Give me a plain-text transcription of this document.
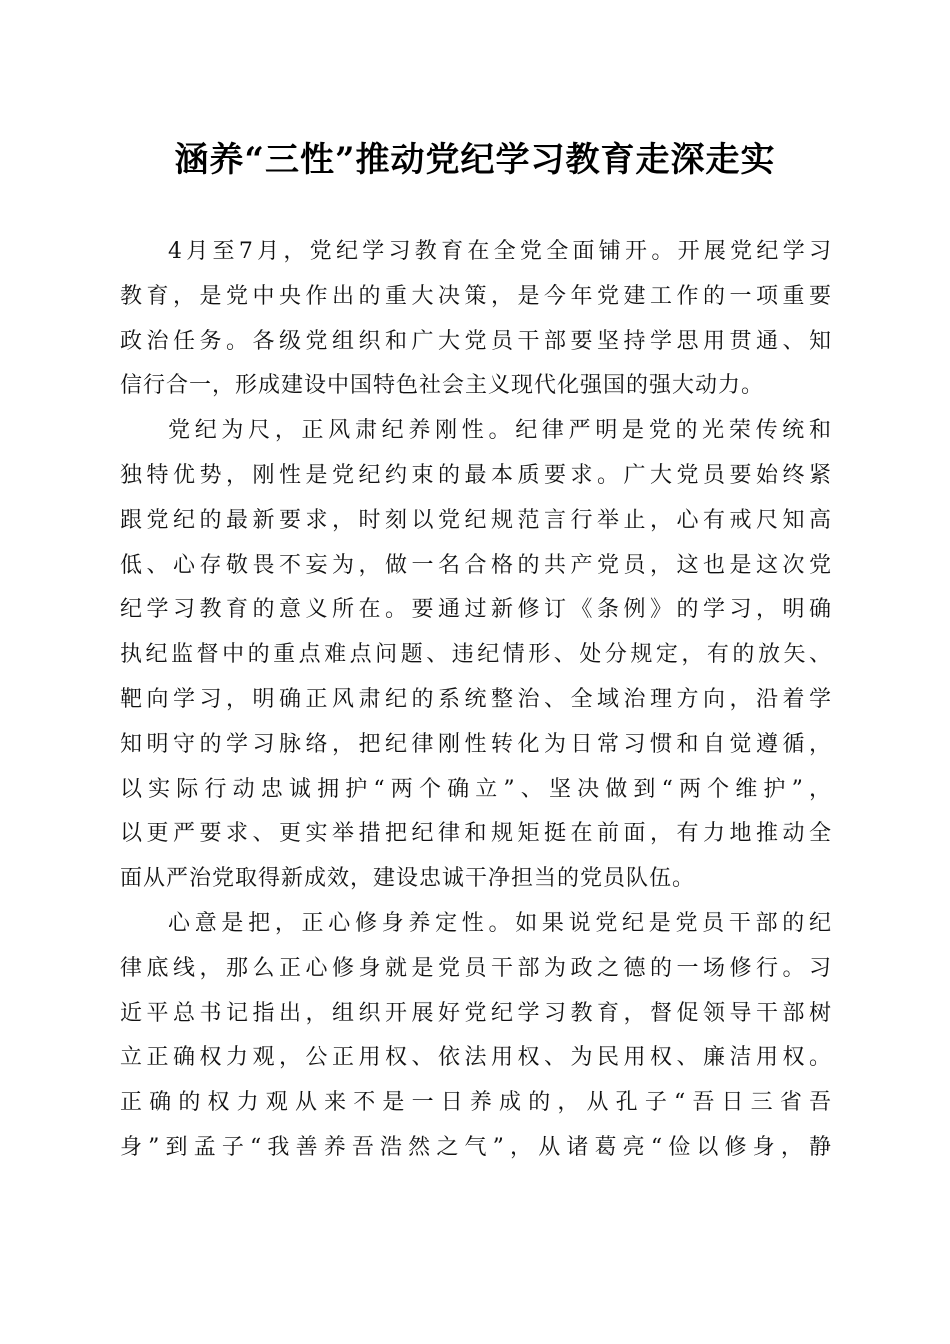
涵养“三性”推动党纪学习教育走深走实
4月至7月，党纪学习教育在全党全面铺开。开展党纪学习
教育，是党中央作出的重大决策，是今年党建工作的一项重要
政治任务。各级党组织和广大党员干部要坚持学思用贯通、知
信行合一，形成建设中国特色社会主义现代化强国的强大动力。
党纪为尺，正风肃纪养刚性。纪律严明是党的光荣传统和
独特优势，刚性是党纪约束的最本质要求。广大党员要始终紧
跟党纪的最新要求，时刻以党纪规范言行举止，心有戒尺知高
低、心存敬畏不妄为，做一名合格的共产党员，这也是这次党
纪学习教育的意义所在。要通过新修订《条例》的学习，明确
执纪监督中的重点难点问题、违纪情形、处分规定，有的放矢、
靶向学习，明确正风肃纪的系统整治、全域治理方向，沿着学
知明守的学习脉络，把纪律刚性转化为日常习惯和自觉遵循，
以实际行动忠诚拥护“两个确立”、坚决做到“两个维护”，
以更严要求、更实举措把纪律和规矩挺在前面，有力地推动全
面从严治党取得新成效，建设忠诚干净担当的党员队伍。
心意是把，正心修身养定性。如果说党纪是党员干部的纪
律底线，那么正心修身就是党员干部为政之德的一场修行。习
近平总书记指出，组织开展好党纪学习教育，督促领导干部树
立正确权力观，公正用权、依法用权、为民用权、廉洁用权。
正确的权力观从来不是一日养成的，从孔子“吾日三省吾
身”到孟子“我善养吾浩然之气”，从诸葛亮“俭以修身，静
